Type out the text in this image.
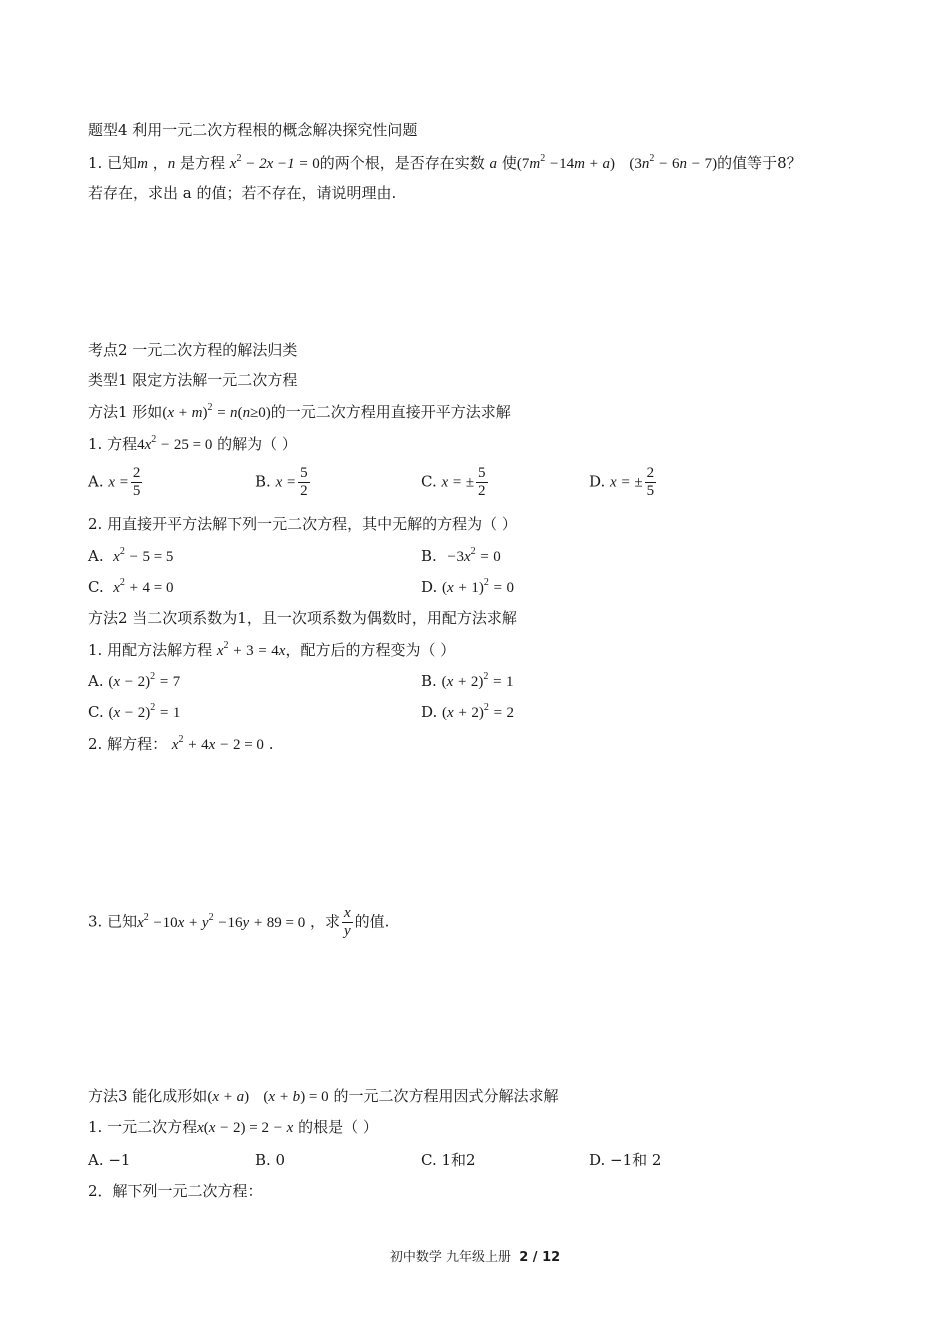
题型4 利用一元二次方程根的概念解决探究性问题
1. 已知m ，n 是方程 $x^2 - 2x -1 = 0$的两个根，是否存在实数 a 使$(7m^2 -14m + a) (3n^2 - 6n - 7)$的值等于8？
若存在，求出 a 的值；若不存在，请说明理由.
考点2 一元二次方程的解法归类
类型1 限定方法解一元二次方程
方法1 形如$(x + m)^2 = n(n\ge 0)$的一元二次方程用直接开平方法求解
1. 方程$4x^2 - 25 = 0$ 的解为（ ）
A. $x = \frac{2}{5}$	B. $x = \frac{5}{2}$	C. x = ± $\frac{5}{2}$	D. x = ± $\frac{2}{5}$
2. 用直接开平方法解下列一元二次方程，其中无解的方程为（ ）
A.  $x^2 - 5 = 5$	B.  $-3x^2 = 0$
C.  $x^2 + 4 = 0$	D. $(x + 1)^2 = 0$
方法2 当二次项系数为1，且一次项系数为偶数时，用配方法求解
1. 用配方法解方程 $x^2 + 3 = 4x$，配方后的方程变为（ ）
A. $(x - 2)^2 = 7$	B. $(x + 2)^2 = 1$
C. $(x - 2)^2 = 1$	D. $(x + 2)^2 = 2$
2. 解方程： $x^2 + 4x - 2 = 0$ .
3. 已知$x^2 -10x + y^2 -16y + 89 = 0$ ，求 $\frac{x}{y}$ 的值.
方法3 能化成形如(x + a) (x + b) = 0 的一元二次方程用因式分解法求解
1. 一元二次方程x(x − 2) = 2 − x 的根是（ ）
A. −1	B. 0	C. 1和2	D. −1和 2
2．解下列一元二次方程：
初中数学 九年级上册 2 / 12
